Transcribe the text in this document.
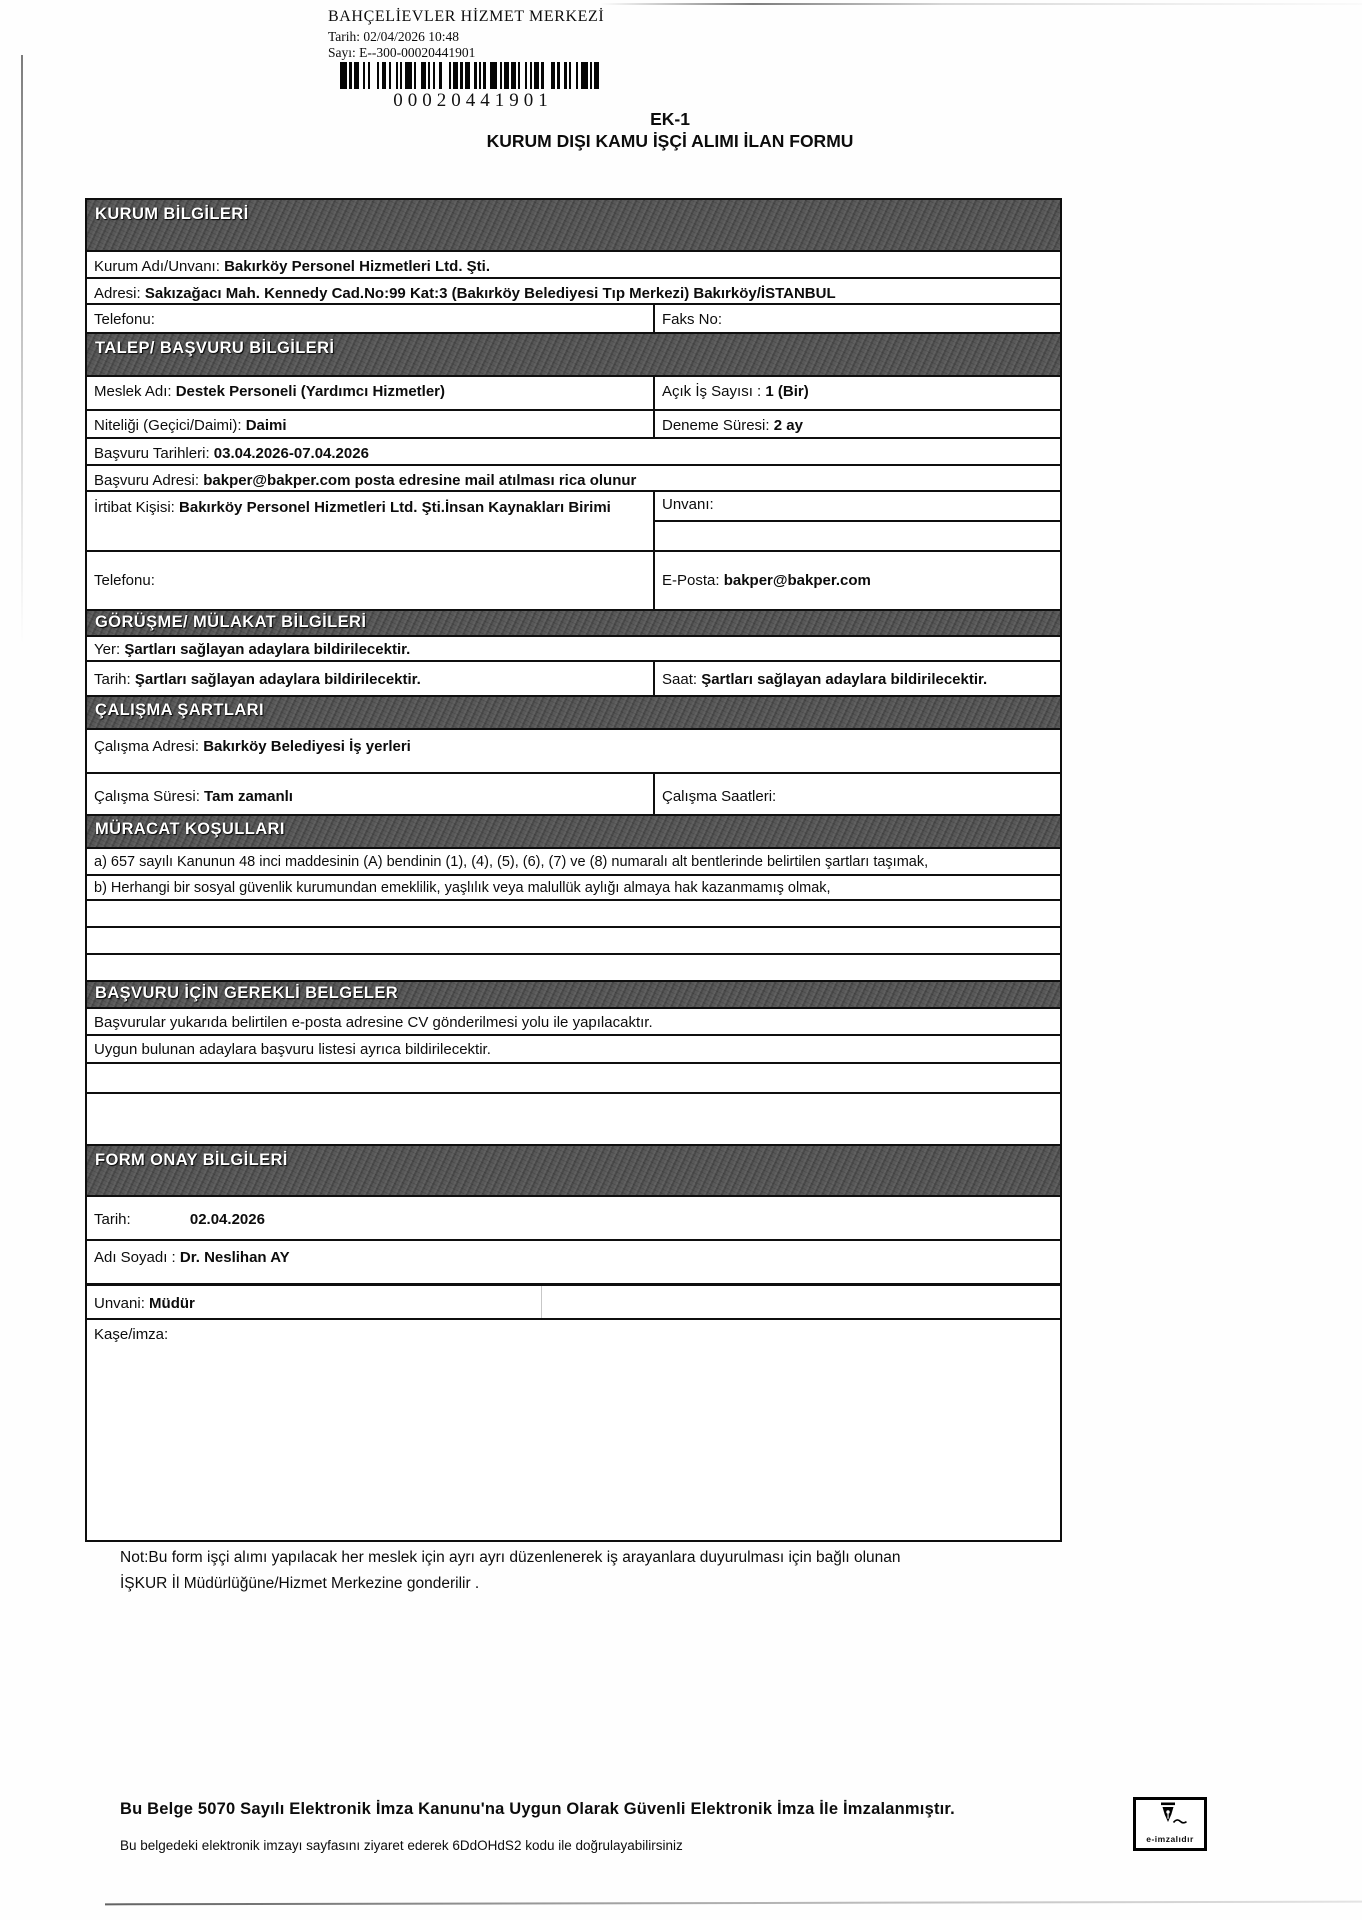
BAHÇELİEVLER HİZMET MERKEZİ
Tarih: 02/04/2026 10:48
Sayı: E--300-00020441901
00020441901
EK-1
KURUM DIŞI KAMU İŞÇİ ALIMI İLAN FORMU
KURUM BİLGİLERİ
Kurum Adı/Unvanı: Bakırköy Personel Hizmetleri Ltd. Şti.
Adresi: Sakızağacı Mah. Kennedy Cad.No:99 Kat:3 (Bakırköy Belediyesi Tıp Merkezi) Bakırköy/İSTANBUL
Telefonu:	Faks No:
TALEP/ BAŞVURU BİLGİLERİ
Meslek Adı: Destek Personeli (Yardımcı Hizmetler)	Açık İş Sayısı : 1 (Bir)
Niteliği (Geçici/Daimi): Daimi	Deneme Süresi: 2 ay
Başvuru Tarihleri: 03.04.2026-07.04.2026
Başvuru Adresi: bakper@bakper.com posta edresine mail atılması rica olunur
İrtibat Kişisi: Bakırköy Personel Hizmetleri Ltd. Şti.İnsan Kaynakları Birimi	Unvanı:
Telefonu:	E-Posta: bakper@bakper.com
GÖRÜŞME/ MÜLAKAT BİLGİLERİ
Yer: Şartları sağlayan adaylara bildirilecektir.
Tarih: Şartları sağlayan adaylara bildirilecektir.	Saat: Şartları sağlayan adaylara bildirilecektir.
ÇALIŞMA ŞARTLARI
Çalışma Adresi: Bakırköy Belediyesi İş yerleri
Çalışma Süresi: Tam zamanlı	Çalışma Saatleri:
MÜRACAT KOŞULLARI
a) 657 sayılı Kanunun 48 inci maddesinin (A) bendinin (1), (4), (5), (6), (7) ve (8) numaralı alt bentlerinde belirtilen şartları taşımak,
b) Herhangi bir sosyal güvenlik kurumundan emeklilik, yaşlılık veya malullük aylığı almaya hak kazanmamış olmak,
BAŞVURU İÇİN GEREKLİ BELGELER
Başvurular yukarıda belirtilen e-posta adresine CV gönderilmesi yolu ile yapılacaktır.
Uygun bulunan adaylara başvuru listesi ayrıca bildirilecektir.
FORM ONAY BİLGİLERİ
Tarih:	02.04.2026
Adı Soyadı : Dr. Neslihan AY
Unvani: Müdür
Kaşe/imza:
Not:Bu form işçi alımı yapılacak her meslek için ayrı ayrı düzenlenerek iş arayanlara duyurulması için bağlı olunan İŞKUR İl Müdürlüğüne/Hizmet Merkezine gonderilir .
Bu Belge 5070 Sayılı Elektronik İmza Kanunu'na Uygun Olarak Güvenli Elektronik İmza İle İmzalanmıştır.
Bu belgedeki elektronik imzayı sayfasını ziyaret ederek 6DdOHdS2 kodu ile doğrulayabilirsiniz	e-imzalıdır
